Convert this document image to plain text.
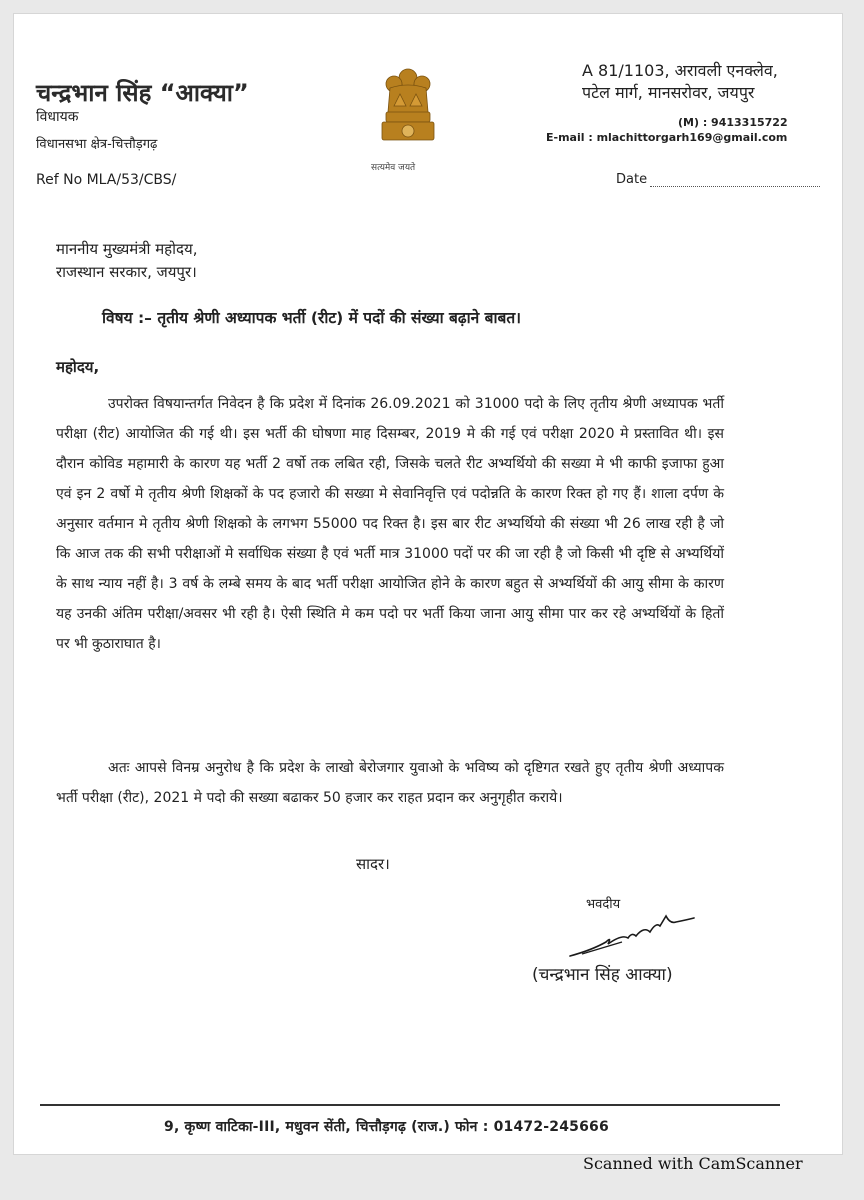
चन्द्रभान सिंह “आक्या”
विधायक
विधानसभा क्षेत्र-चित्तौड़गढ़
Ref No MLA/53/CBS/
सत्यमेव जयते
A 81/1103, अरावली एनक्लेव,
पटेल मार्ग, मानसरोवर, जयपुर
(M) : 9413315722
E-mail : mlachittorgarh169@gmail.com
Date
माननीय मुख्यमंत्री महोदय,
राजस्थान सरकार, जयपुर।
विषय :– तृतीय श्रेणी अध्यापक भर्ती (रीट) में पदों की संख्या बढ़ाने बाबत।
महोदय,
उपरोक्त विषयान्तर्गत निवेदन है कि प्रदेश में दिनांक 26.09.2021 को 31000 पदो के लिए तृतीय श्रेणी अध्यापक भर्ती परीक्षा (रीट) आयोजित की गई थी। इस भर्ती की घोषणा माह दिसम्बर, 2019 मे की गई एवं परीक्षा 2020 मे प्रस्तावित थी। इस दौरान कोविड महामारी के कारण यह भर्ती 2 वर्षो तक लबित रही, जिसके चलते रीट अभ्यर्थियो की सख्या मे भी काफी इजाफा हुआ एवं इन 2 वर्षो मे तृतीय श्रेणी शिक्षकों के पद हजारो की सख्या मे सेवानिवृत्ति एवं पदोन्नति के कारण रिक्त हो गए हैं। शाला दर्पण के अनुसार वर्तमान मे तृतीय श्रेणी शिक्षको के लगभग 55000 पद रिक्त है। इस बार रीट अभ्यर्थियो की संख्या भी 26 लाख रही है जो कि आज तक की सभी परीक्षाओं मे सर्वाधिक संख्या है एवं भर्ती मात्र 31000 पदों पर की जा रही है जो किसी भी दृष्टि से अभ्यर्थियों के साथ न्याय नहीं है। 3 वर्ष के लम्बे समय के बाद भर्ती परीक्षा आयोजित होने के कारण बहुत से अभ्यर्थियों की आयु सीमा के कारण यह उनकी अंतिम परीक्षा/अवसर भी रही है। ऐसी स्थिति मे कम पदो पर भर्ती किया जाना आयु सीमा पार कर रहे अभ्यर्थियों के हितों पर भी कुठाराघात है।
अतः आपसे विनम्र अनुरोध है कि प्रदेश के लाखो बेरोजगार युवाओ के भविष्य को दृष्टिगत रखते हुए तृतीय श्रेणी अध्यापक भर्ती परीक्षा (रीट), 2021 मे पदो की सख्या बढाकर 50 हजार कर राहत प्रदान कर अनुगृहीत कराये।
सादर।
भवदीय
(चन्द्रभान सिंह आक्या)
9, कृष्ण वाटिका-III, मधुवन सेंती, चित्तौड़गढ़ (राज.) फोन : 01472-245666
Scanned with CamScanner
